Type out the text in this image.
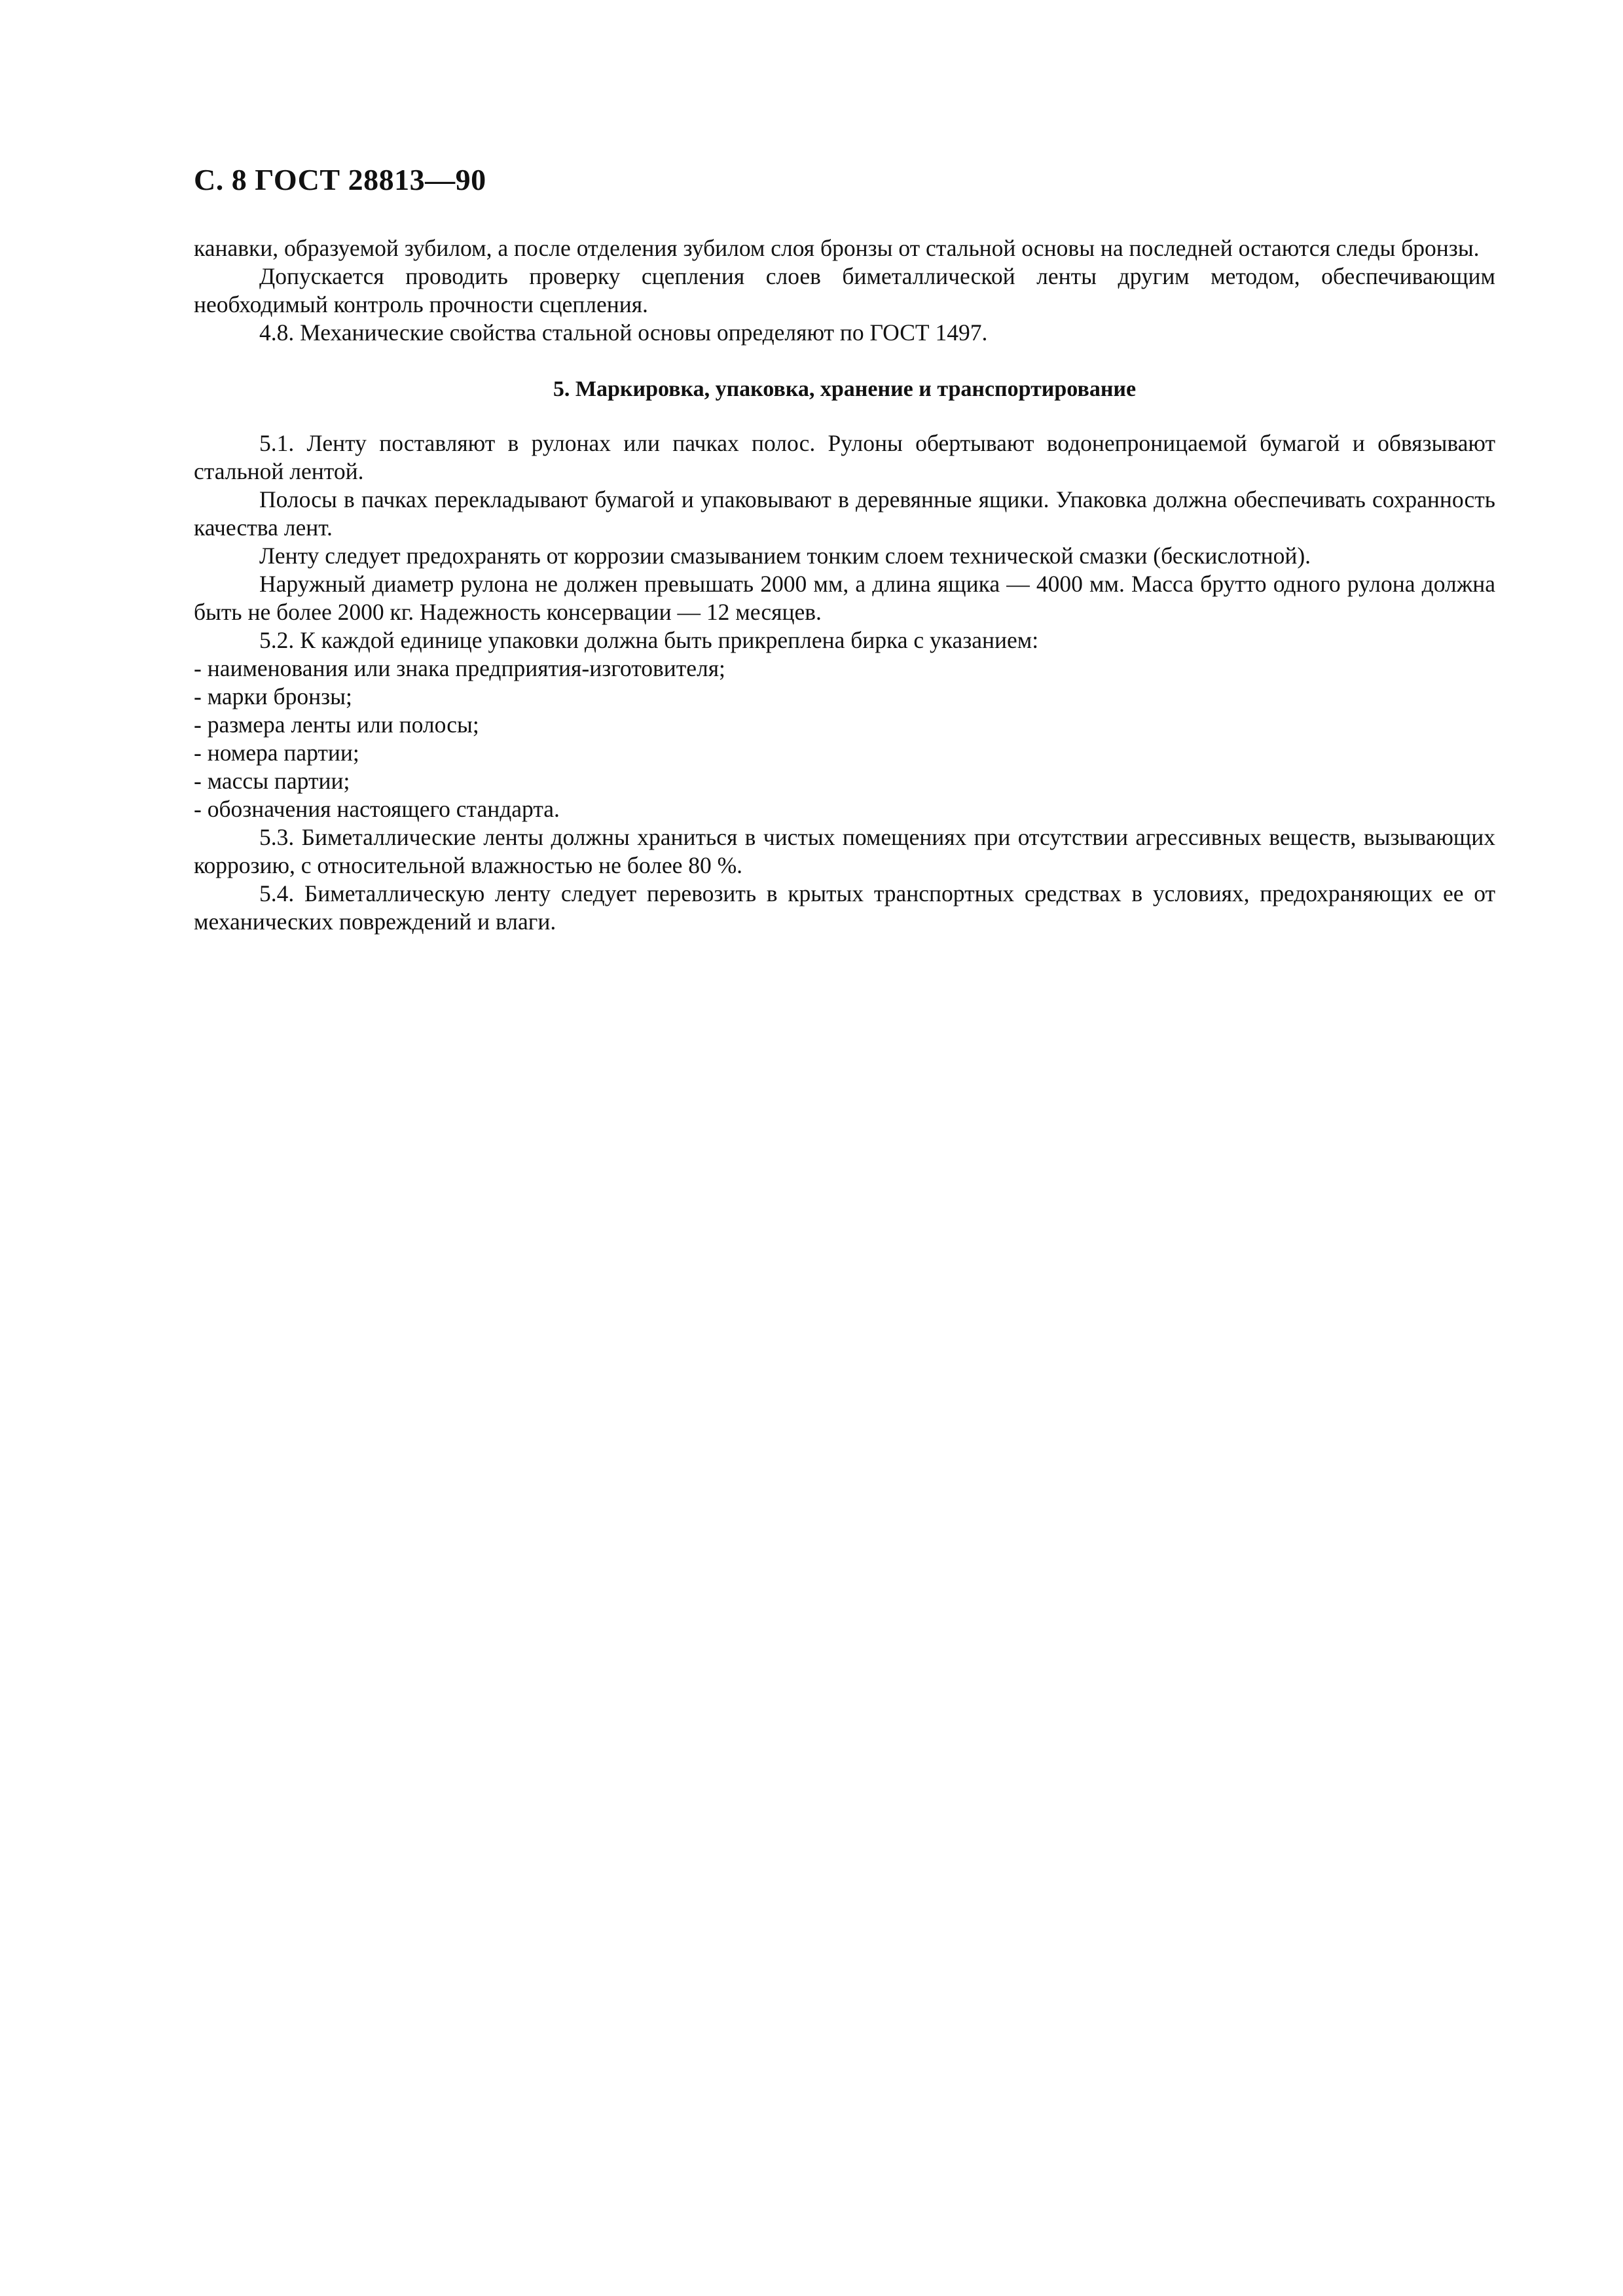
С. 8 ГОСТ 28813—90

канавки, образуемой зубилом, а после отделения зубилом слоя бронзы от стальной основы на последней остаются следы бронзы.

Допускается проводить проверку сцепления слоев биметаллической ленты другим методом, обеспечивающим необходимый контроль прочности сцепления.

4.8. Механические свойства стальной основы определяют по ГОСТ 1497.

5. Маркировка, упаковка, хранение и транспортирование

5.1. Ленту поставляют в рулонах или пачках полос. Рулоны обертывают водонепроницаемой бумагой и обвязывают стальной лентой.

Полосы в пачках перекладывают бумагой и упаковывают в деревянные ящики. Упаковка должна обеспечивать сохранность качества лент.

Ленту следует предохранять от коррозии смазыванием тонким слоем технической смазки (бескислотной).

Наружный диаметр рулона не должен превышать 2000 мм, а длина ящика — 4000 мм. Масса брутто одного рулона должна быть не более 2000 кг. Надежность консервации — 12 месяцев.

5.2. К каждой единице упаковки должна быть прикреплена бирка с указанием:

- наименования или знака предприятия-изготовителя;
- марки бронзы;
- размера ленты или полосы;
- номера партии;
- массы партии;
- обозначения настоящего стандарта.

5.3. Биметаллические ленты должны храниться в чистых помещениях при отсутствии агрессивных веществ, вызывающих коррозию, с относительной влажностью не более 80 %.

5.4. Биметаллическую ленту следует перевозить в крытых транспортных средствах в условиях, предохраняющих ее от механических повреждений и влаги.
